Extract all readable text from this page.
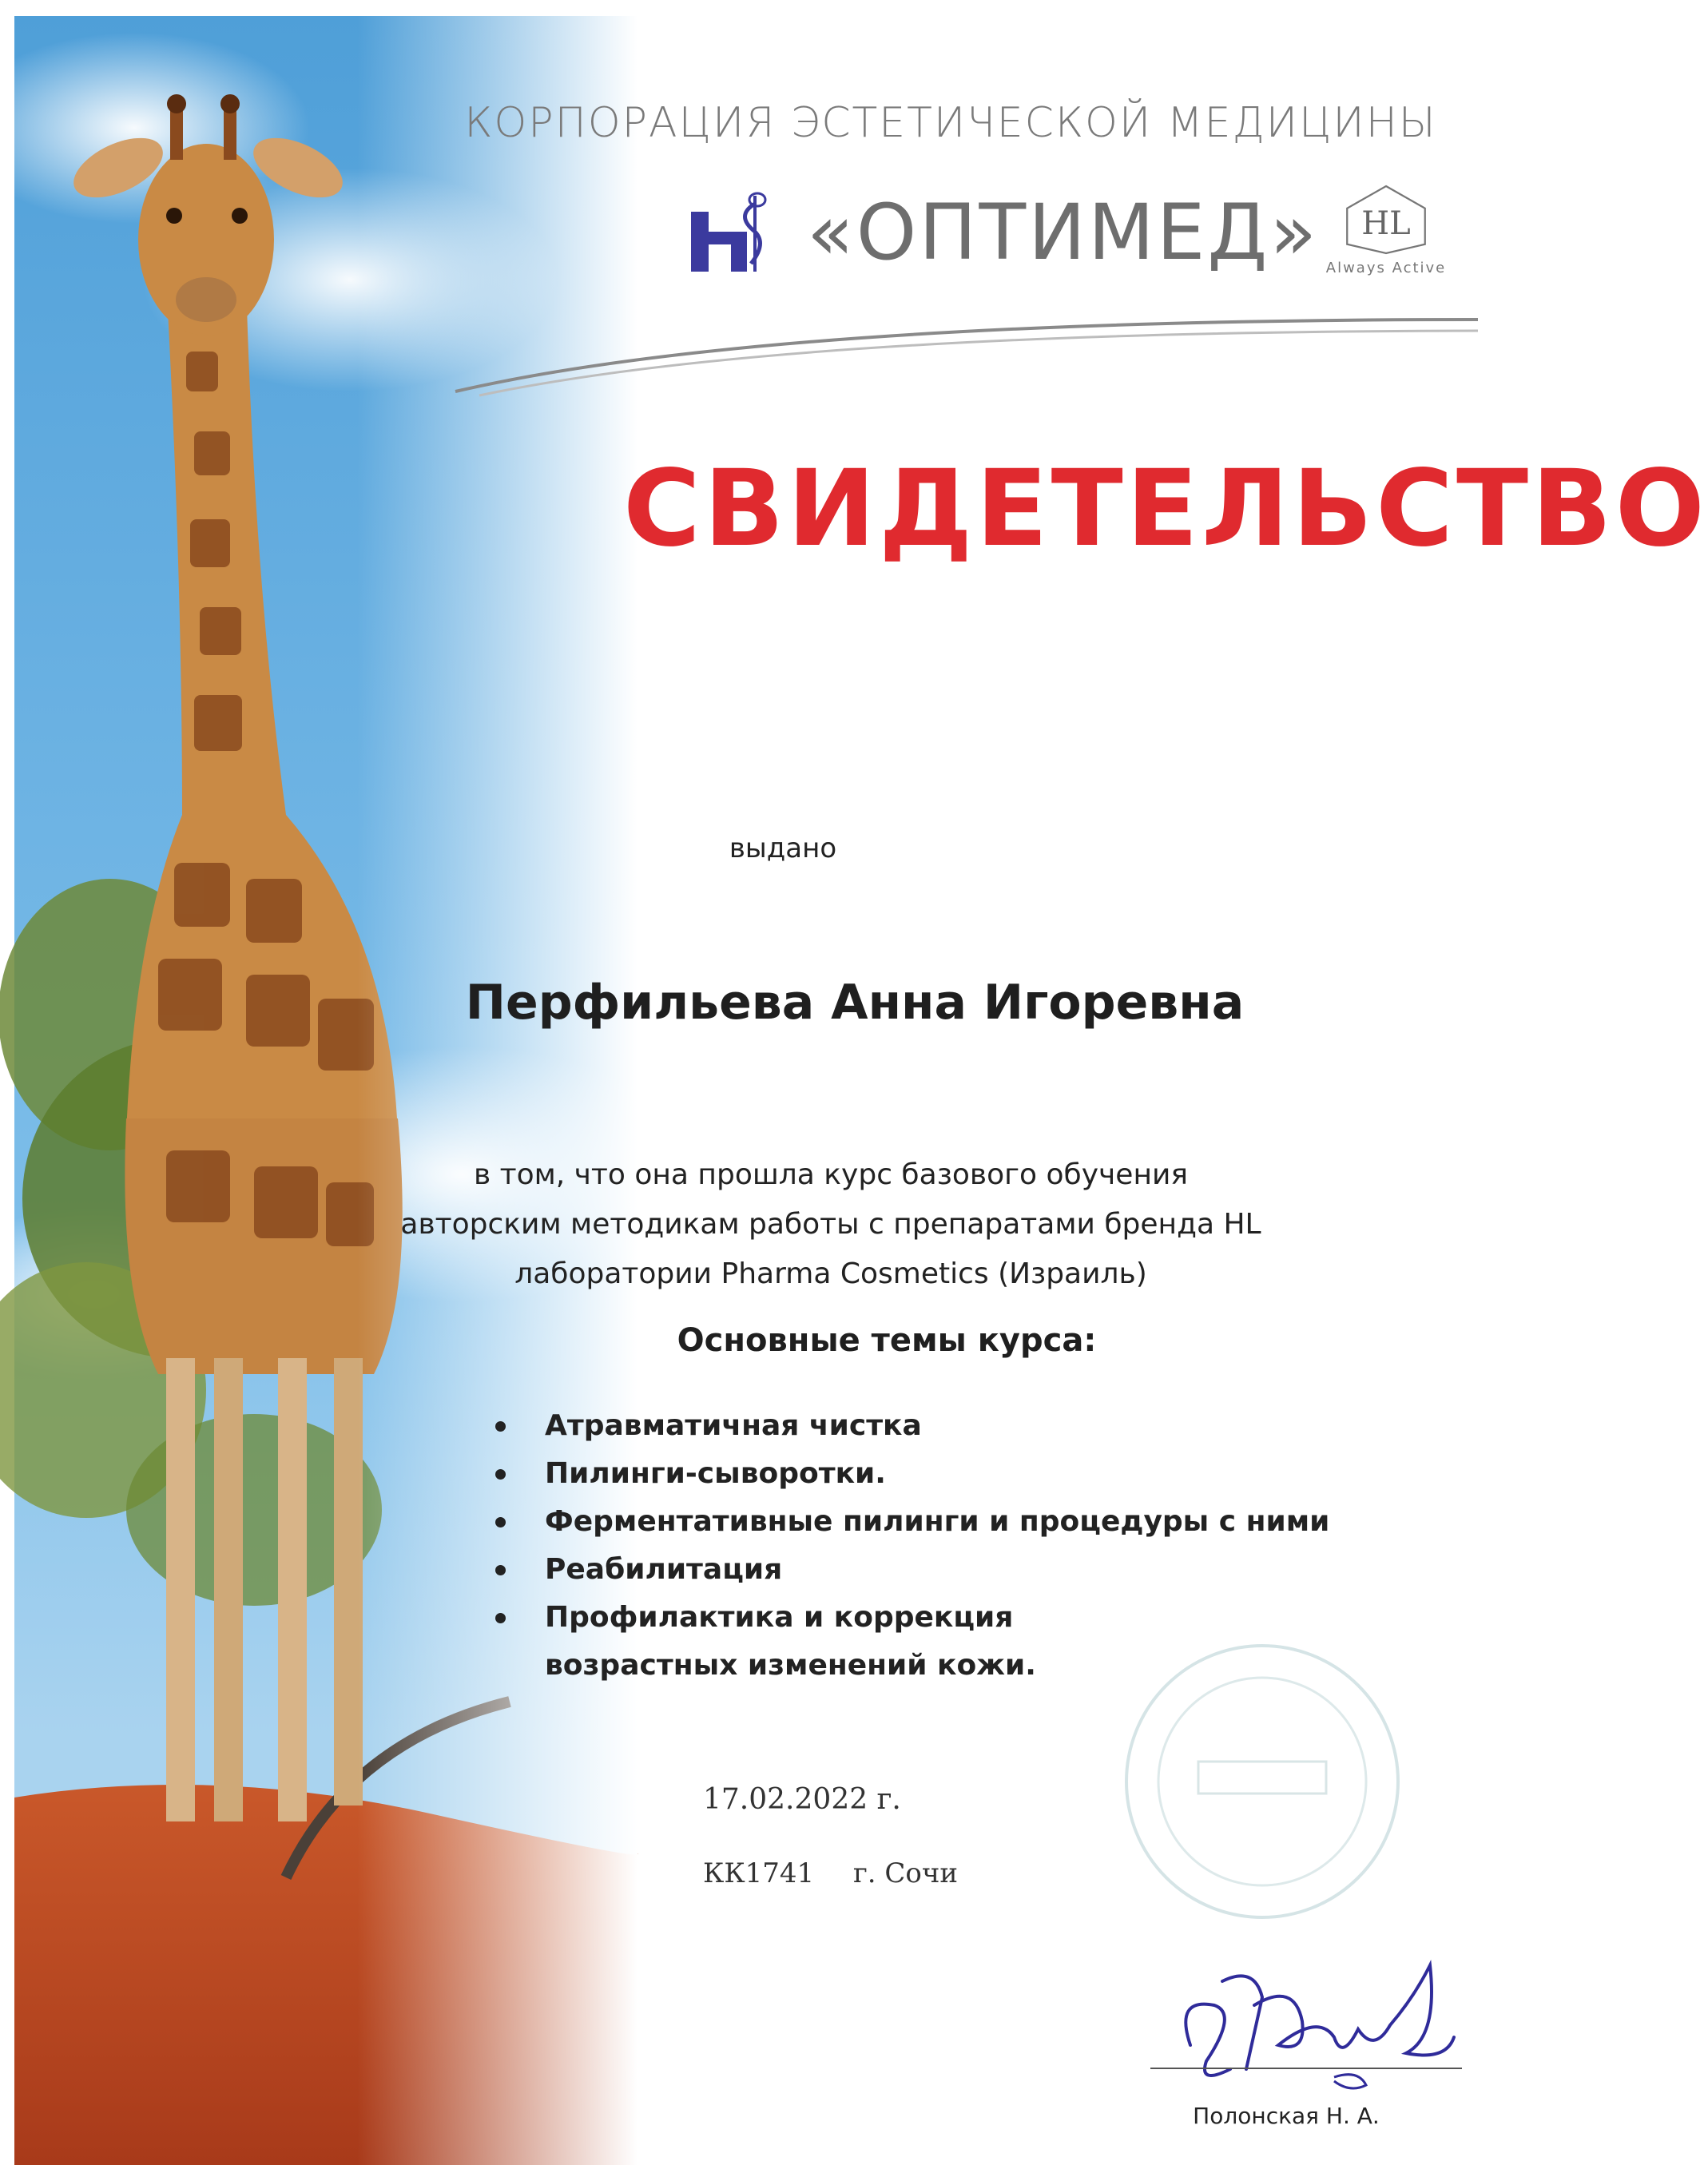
КОРПОРАЦИЯ ЭСТЕТИЧЕСКОЙ МЕДИЦИНЫ
«ОПТИМЕД» HL
Always Active
СВИДЕТЕЛЬСТВО
выдано
Перфильева Анна Игоревна
в том, что она прошла курс базового обучения
авторским методикам работы с препаратами бренда HL
лаборатории Pharma Cosmetics (Израиль)
Основные темы курса:
Атравматичная чистка
Пилинги-сыворотки.
Ферментативные пилинги и процедуры с ними
Реабилитация
Профилактика и коррекция
возрастных изменений кожи.
17.02.2022 г.
КК1741 г. Сочи
Полонская Н. А.
